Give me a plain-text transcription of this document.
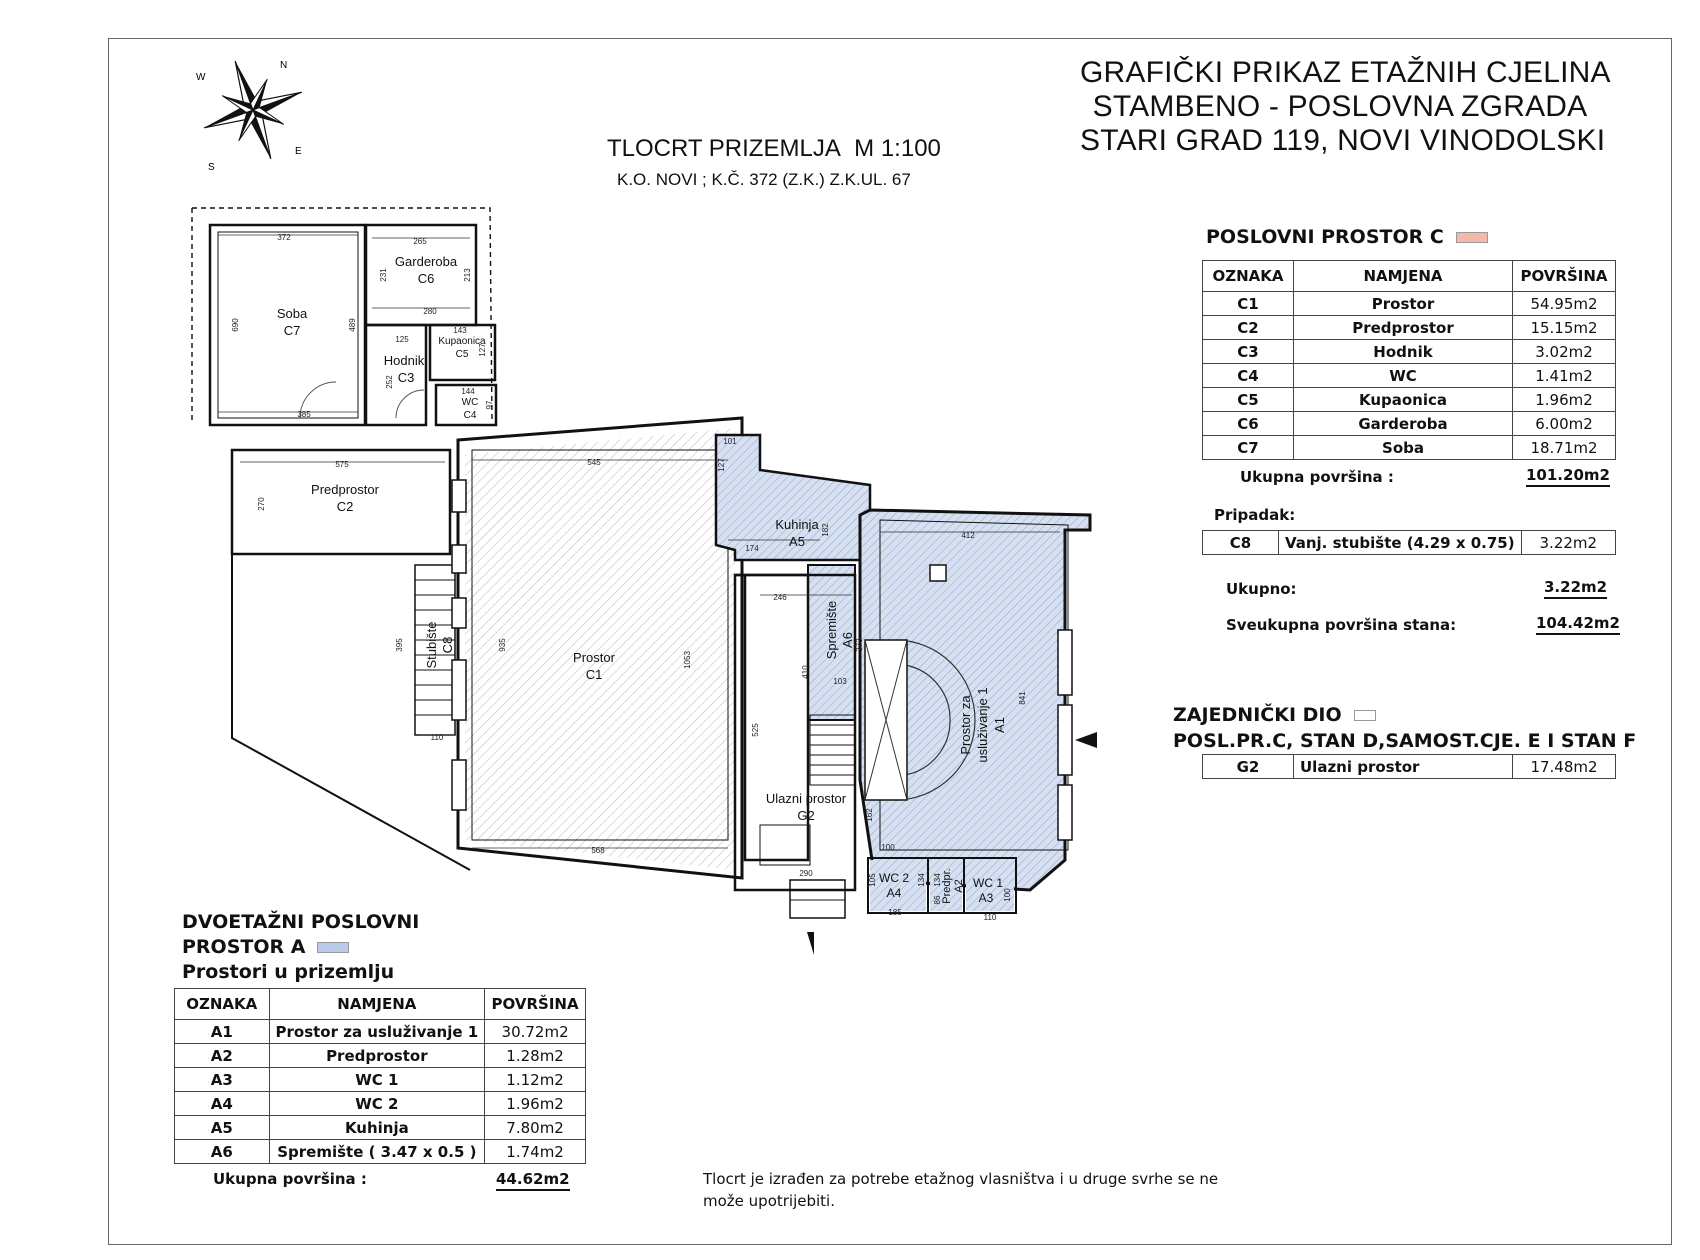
GRAFIČKI PRIKAZ ETAŽNIH CJELINA
STAMBENO - POSLOVNA ZGRADA
STARI GRAD 119, NOVI VINODOLSKI
TLOCRT PRIZEMLJA M 1:100
K.O. NOVI ; K.Č. 372 (Z.K.) Z.K.UL. 67
N
W
S
E
POSLOVNI PROSTOR C
OZNAKA	NAMJENA	POVRŠINA
C1	Prostor	54.95m2
C2	Predprostor	15.15m2
C3	Hodnik	3.02m2
C4	WC	1.41m2
C5	Kupaonica	1.96m2
C6	Garderoba	6.00m2
C7	Soba	18.71m2
Ukupna površina :	101.20m2
Pripadak:
C8	Vanj. stubište (4.29 x 0.75)	3.22m2
Ukupno:	3.22m2
Sveukupna površina stana:	104.42m2
ZAJEDNIČKI DIO
POSL.PR.C, STAN D,SAMOST.CJE. E I STAN F
G2	Ulazni prostor	17.48m2
DVOETAŽNI POSLOVNI
PROSTOR A
Prostori u prizemlju
OZNAKA	NAMJENA	POVRŠINA
A1	Prostor za usluživanje 1	30.72m2
A2	Predprostor	1.28m2
A3	WC 1	1.12m2
A4	WC 2	1.96m2
A5	Kuhinja	7.80m2
A6	Spremište ( 3.47 x 0.5 )	1.74m2
Ukupna površina :	44.62m2	Tlocrt je izrađen za potrebe etažnog vlasništva i u druge svrhe se ne
može upotrijebiti.
Soba
C7
Garderoba
C6
Hodnik
C3
Kupaonica
C5
WC
C4
Predprostor
C2
Prostor
C1
Stubište C8
Kuhinja
A5
Spremište A6
Prostor za usluživanje 1 A1
Ulazni prostor
G2
WC 2
A4	Predpr. A2 WC 1
A3
372	265
231	213
280
690	489
125
143
127
252
144
97
385
575
270
545
935
1053
568
395
110
101
127
174
182	412
246
410
373
103
525
841
162
100
290	105	134 134
86
110
100
185
